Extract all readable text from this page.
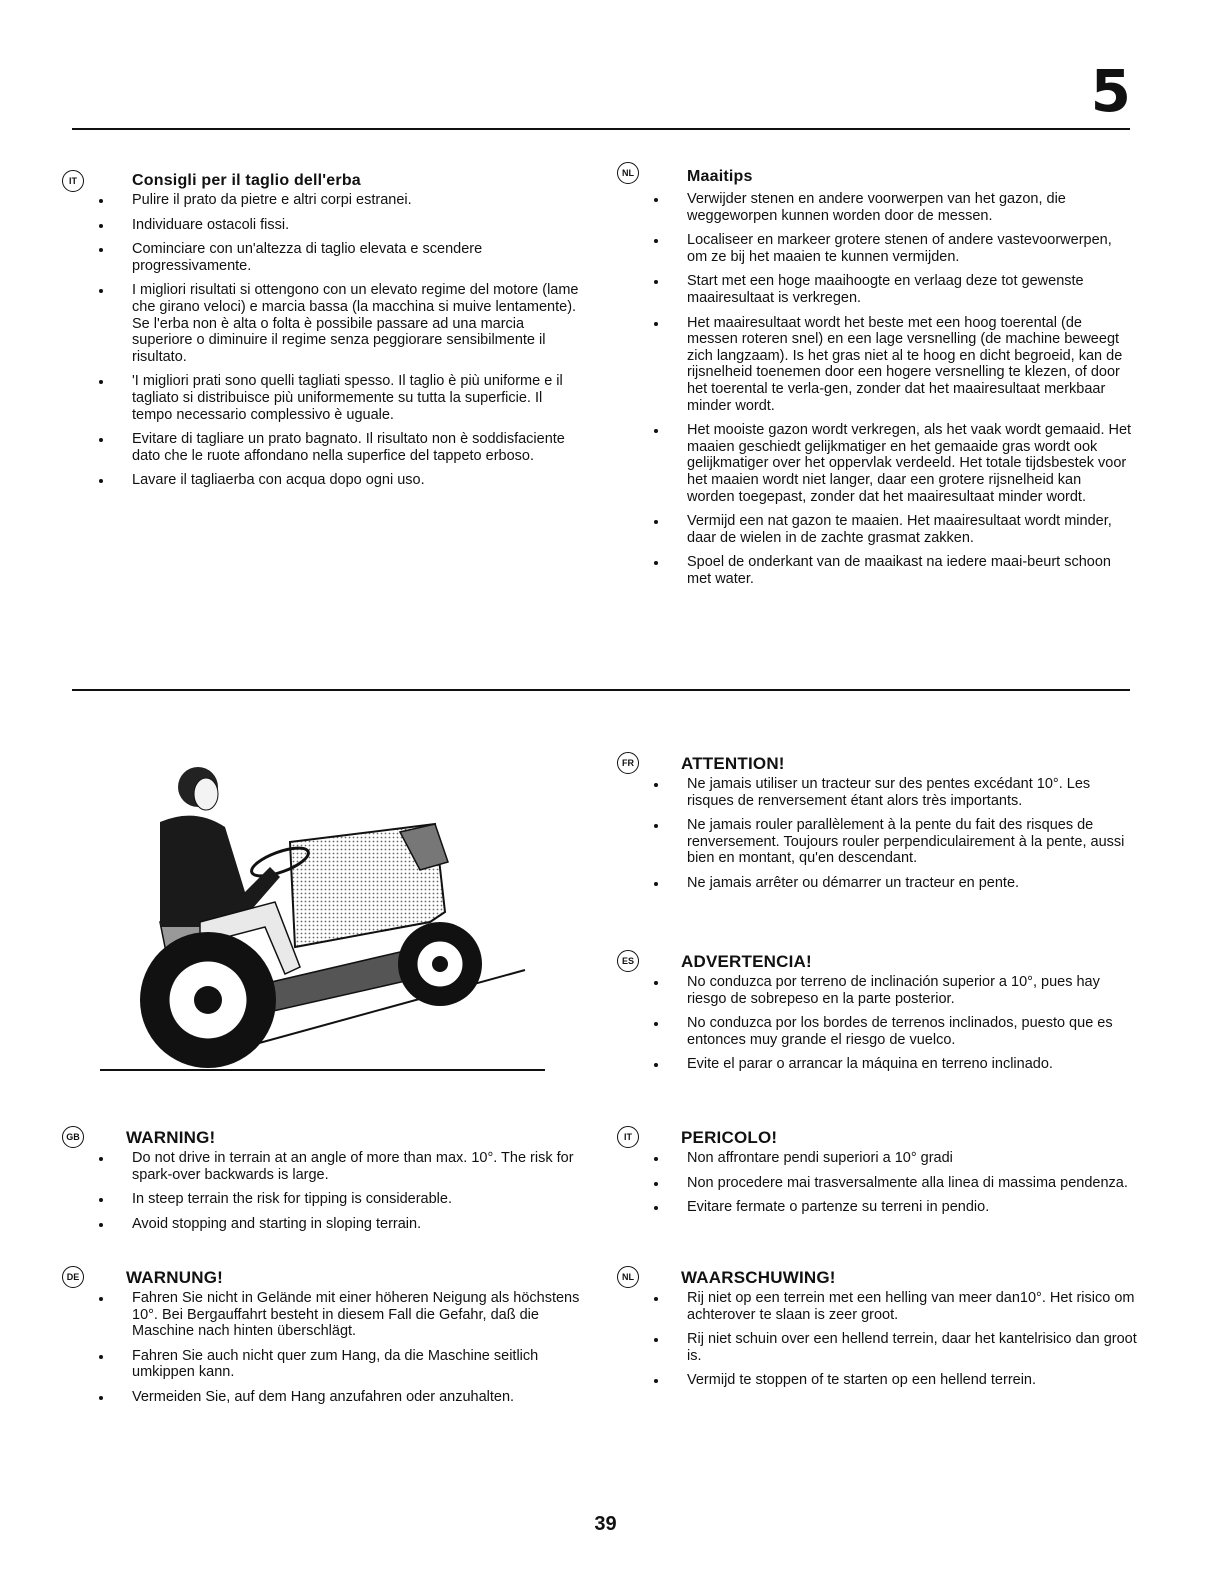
5
IT	Consigli per il taglio dell'erba
Pulire il prato da pietre e altri corpi estranei.
Individuare ostacoli fissi.
Cominciare con un'altezza di taglio elevata e scendere progressivamente.
I migliori risultati si ottengono con un elevato regime del motore (lame che girano veloci) e marcia bassa (la macchina si muive lentamente). Se l'erba non è alta o folta è possibile passare ad una marcia superiore o diminuire il regime senza peggiorare sensibilmente il risultato.
'I migliori prati sono quelli tagliati spesso. Il taglio è più uniforme e il tagliato si distribuisce più uniformemente su tutta la superficie. Il tempo necessario complessivo è uguale.
Evitare di tagliare un prato bagnato. Il risultato non è soddisfaciente dato che le ruote affondano nella superfice del tappeto erboso.
Lavare il tagliaerba con acqua dopo ogni uso.
NL	Maaitips
Verwijder stenen en andere voorwerpen van het gazon, die weggeworpen kunnen worden door de messen.
Localiseer en markeer grotere stenen of andere vastevoorwerpen, om ze bij het maaien te kunnen vermijden.
Start met een hoge maaihoogte en verlaag deze tot gewenste maairesultaat is verkregen.
Het maairesultaat wordt het beste met een hoog toerental (de messen roteren snel) en een lage versnelling (de machine beweegt zich langzaam). Is het gras niet al te hoog en dicht begroeid, kan de rijsnelheid toenemen door een hogere versnelling te klezen, of door het toerental te verla-gen, zonder dat het maairesultaat merkbaar minder wordt.
Het mooiste gazon wordt verkregen, als het vaak wordt gemaaid. Het maaien geschiedt gelijkmatiger en het gemaaide gras wordt ook gelijkmatiger over het oppervlak verdeeld. Het totale tijdsbestek voor het maaien wordt niet langer, daar een grotere rijsnelheid kan worden toegepast, zonder dat het maairesultaat minder wordt.
Vermijd een nat gazon te maaien. Het maairesultaat wordt minder, daar de wielen in de zachte grasmat zakken.
Spoel de onderkant van de maaikast na iedere maai-beurt schoon met water.
FR	ATTENTION!
Ne jamais utiliser un tracteur sur des pentes excédant 10°. Les risques de renversement étant alors très importants.
Ne jamais rouler parallèlement à la pente du fait des risques de renversement. Toujours rouler perpendiculairement à la pente, aussi bien en montant, qu'en descendant.
Ne jamais arrêter ou démarrer un tracteur en pente.
ES	ADVERTENCIA!
No conduzca por terreno de inclinación superior a 10°, pues hay riesgo de sobrepeso en la parte posterior.
No conduzca por los bordes de terrenos inclinados, puesto que es entonces muy grande el riesgo de vuelco.
Evite el parar o arrancar la máquina en terreno inclinado.
GB	WARNING!
Do not drive in terrain at an angle of more than max. 10°. The risk for spark-over backwards is large.
In steep terrain the risk for tipping is considerable.
Avoid stopping and starting in sloping terrain.
IT	PERICOLO!
Non affrontare pendi superiori a 10° gradi
Non procedere mai trasversalmente alla linea di massima pendenza.
Evitare fermate o partenze su terreni in pendio.
DE	WARNUNG!
Fahren Sie nicht in Gelände mit einer höheren Neigung als höchstens 10°. Bei Bergauffahrt besteht in diesem Fall die Gefahr, daß die Maschine nach hinten überschlägt.
Fahren Sie auch nicht quer zum Hang, da die Maschine seitlich umkippen kann.
Vermeiden Sie, auf dem Hang anzufahren oder anzuhalten.
NL	WAARSCHUWING!
Rij niet op een terrein met een helling van meer dan10°. Het risico om achterover te slaan is zeer groot.
Rij niet schuin over een hellend terrein, daar het kantelrisico dan groot is.
Vermijd te stoppen of te starten op een hellend terrein.
39
